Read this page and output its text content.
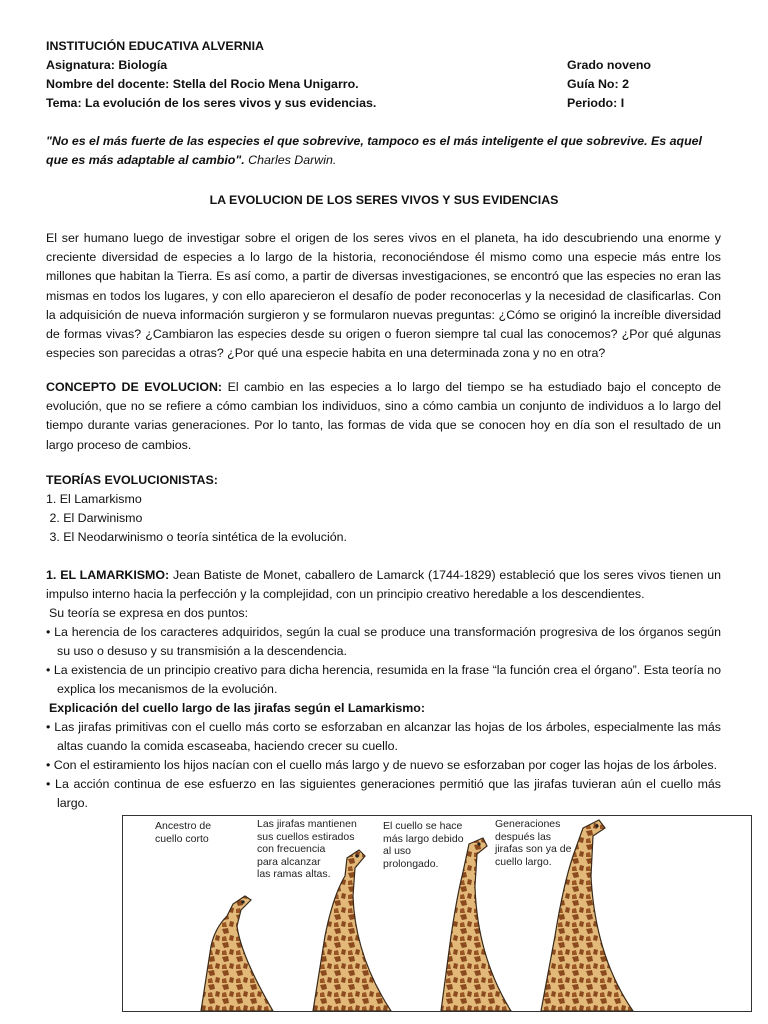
INSTITUCIÓN EDUCATIVA ALVERNIA
Asignatura: Biología
Nombre del docente: Stella del Rocio Mena Unigarro.
Tema: La evolución de los seres vivos y sus evidencias.
Grado noveno
Guía No: 2
Periodo: I
"No es el más fuerte de las especies el que sobrevive, tampoco es el más inteligente el que sobrevive. Es aquel que es más adaptable al cambio". Charles Darwin.
LA EVOLUCION DE LOS SERES VIVOS Y SUS EVIDENCIAS
El ser humano luego de investigar sobre el origen de los seres vivos en el planeta, ha ido descubriendo una enorme y creciente diversidad de especies a lo largo de la historia, reconociéndose él mismo como una especie más entre los millones que habitan la Tierra. Es así como, a partir de diversas investigaciones, se encontró que las especies no eran las mismas en todos los lugares, y con ello aparecieron el desafío de poder reconocerlas y la necesidad de clasificarlas. Con la adquisición de nueva información surgieron y se formularon nuevas preguntas: ¿Cómo se originó la increíble diversidad de formas vivas? ¿Cambiaron las especies desde su origen o fueron siempre tal cual las conocemos? ¿Por qué algunas especies son parecidas a otras? ¿Por qué una especie habita en una determinada zona y no en otra?
CONCEPTO DE EVOLUCION: El cambio en las especies a lo largo del tiempo se ha estudiado bajo el concepto de evolución, que no se refiere a cómo cambian los individuos, sino a cómo cambia un conjunto de individuos a lo largo del tiempo durante varias generaciones. Por lo tanto, las formas de vida que se conocen hoy en día son el resultado de un largo proceso de cambios.
TEORÍAS EVOLUCIONISTAS:
1. El Lamarkismo
2. El Darwinismo
3. El Neodarwinismo o teoría sintética de la evolución.
1. EL LAMARKISMO: Jean Batiste de Monet, caballero de Lamarck (1744-1829) estableció que los seres vivos tienen un impulso interno hacia la perfección y la complejidad, con un principio creativo heredable a los descendientes.
Su teoría se expresa en dos puntos:
• La herencia de los caracteres adquiridos, según la cual se produce una transformación progresiva de los órganos según su uso o desuso y su transmisión a la descendencia.
• La existencia de un principio creativo para dicha herencia, resumida en la frase “la función crea el órgano”. Esta teoría no explica los mecanismos de la evolución.
Explicación del cuello largo de las jirafas según el Lamarkismo:
• Las jirafas primitivas con el cuello más corto se esforzaban en alcanzar las hojas de los árboles, especialmente las más altas cuando la comida escaseaba, haciendo crecer su cuello.
• Con el estiramiento los hijos nacían con el cuello más largo y de nuevo se esforzaban por coger las hojas de los árboles.
• La acción continua de ese esfuerzo en las siguientes generaciones permitió que las jirafas tuvieran aún el cuello más largo.
Ancestro de
cuello corto
Las jirafas mantienen
sus cuellos estirados
con frecuencia
para alcanzar
las ramas altas.
El cuello se hace
más largo debido
al uso
prolongado.
Generaciones
después las
jirafas son ya de
cuello largo.
